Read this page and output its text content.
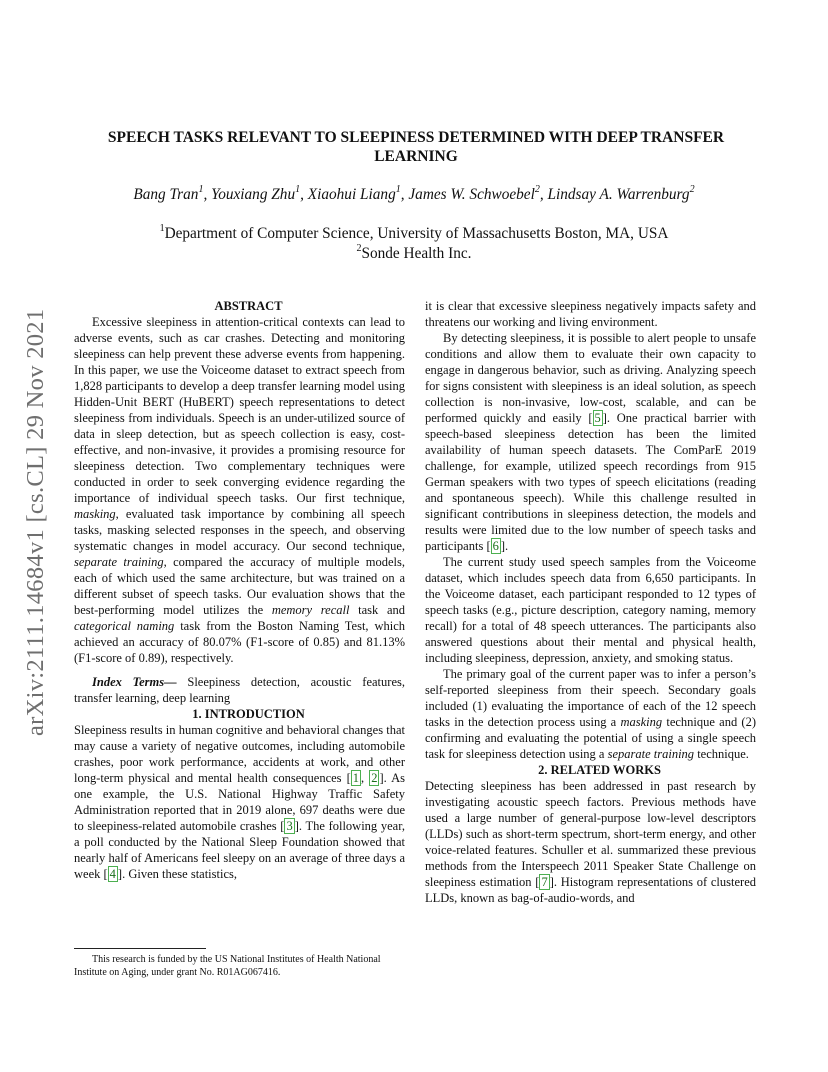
arXiv:2111.14684v1 [cs.CL] 29 Nov 2021
SPEECH TASKS RELEVANT TO SLEEPINESS DETERMINED WITH DEEP TRANSFER LEARNING
Bang Tran$^1$, Youxiang Zhu$^1$, Xiaohui Liang$^1$, James W. Schwoebel$^2$, Lindsay A. Warrenburg$^2$
$^1$Department of Computer Science, University of Massachusetts Boston, MA, USA
$^2$Sonde Health Inc.

ABSTRACT

Excessive sleepiness in attention-critical contexts can lead to adverse events, such as car crashes. Detecting and monitoring sleepiness can help prevent these adverse events from happening. In this paper, we use the Voiceome dataset to extract speech from 1,828 participants to develop a deep transfer learning model using Hidden-Unit BERT (HuBERT) speech representations to detect sleepiness from individuals. Speech is an under-utilized source of data in sleep detection, but as speech collection is easy, cost-effective, and non-invasive, it provides a promising resource for sleepiness detection. Two complementary techniques were conducted in order to seek converging evidence regarding the importance of individual speech tasks. Our first technique, masking, evaluated task importance by combining all speech tasks, masking selected responses in the speech, and observing systematic changes in model accuracy. Our second technique, separate training, compared the accuracy of multiple models, each of which used the same architecture, but was trained on a different subset of speech tasks. Our evaluation shows that the best-performing model utilizes the memory recall task and categorical naming task from the Boston Naming Test, which achieved an accuracy of 80.07% (F1-score of 0.85) and 81.13% (F1-score of 0.89), respectively.

Index Terms— Sleepiness detection, acoustic features, transfer learning, deep learning

1. INTRODUCTION

Sleepiness results in human cognitive and behavioral changes that may cause a variety of negative outcomes, including automobile crashes, poor work performance, accidents at work, and other long-term physical and mental health consequences [ 1 , 2 ]. As one example, the U.S. National Highway Traffic Safety Administration reported that in 2019 alone, 697 deaths were due to sleepiness-related automobile crashes [ 3 ]. The following year, a poll conducted by the National Sleep Foundation showed that nearly half of Americans feel sleepy on an average of three days a week [ 4 ]. Given these statistics,

This research is funded by the US National Institutes of Health National Institute on Aging, under grant No. R01AG067416.

it is clear that excessive sleepiness negatively impacts safety and threatens our working and living environment.

By detecting sleepiness, it is possible to alert people to unsafe conditions and allow them to evaluate their own capacity to engage in dangerous behavior, such as driving. Analyzing speech for signs consistent with sleepiness is an ideal solution, as speech collection is non-invasive, low-cost, scalable, and can be performed quickly and easily [ 5 ]. One practical barrier with speech-based sleepiness detection has been the limited availability of human speech datasets. The ComParE 2019 challenge, for example, utilized speech recordings from 915 German speakers with two types of speech elicitations (reading and spontaneous speech). While this challenge resulted in significant contributions in sleepiness detection, the models and results were limited due to the low number of speech tasks and participants [ 6 ].

The current study used speech samples from the Voiceome dataset, which includes speech data from 6,650 participants. In the Voiceome dataset, each participant responded to 12 types of speech tasks (e.g., picture description, category naming, memory recall) for a total of 48 speech utterances. The participants also answered questions about their mental and physical health, including sleepiness, depression, anxiety, and smoking status.

The primary goal of the current paper was to infer a person’s self-reported sleepiness from their speech. Secondary goals included (1) evaluating the importance of each of the 12 speech tasks in the detection process using a masking technique and (2) confirming and evaluating the potential of using a single speech task for sleepiness detection using a separate training technique.

2. RELATED WORKS

Detecting sleepiness has been addressed in past research by investigating acoustic speech factors. Previous methods have used a large number of general-purpose low-level descriptors (LLDs) such as short-term spectrum, short-term energy, and other voice-related features. Schuller et al. summarized these previous methods from the Interspeech 2011 Speaker State Challenge on sleepiness estimation [ 7 ]. Histogram representations of clustered LLDs, known as bag-of-audio-words, and
